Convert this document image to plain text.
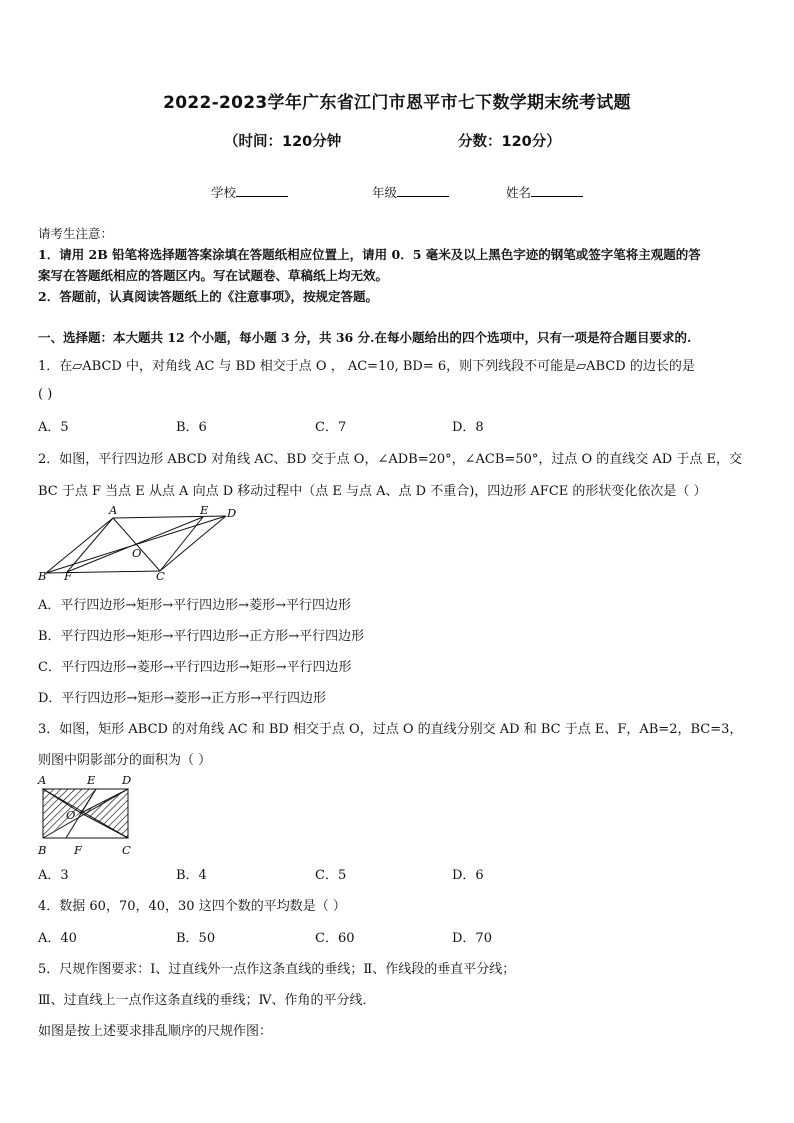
2022-2023学年广东省江门市恩平市七下数学期末统考试题
（时间：120分钟	分数：120分）
学校	年级	姓名
请考生注意：
1．请用 2B 铅笔将选择题答案涂填在答题纸相应位置上，请用 0．5 毫米及以上黑色字迹的钢笔或签字笔将主观题的答
案写在答题纸相应的答题区内。写在试题卷、草稿纸上均无效。
2．答题前，认真阅读答题纸上的《注意事项》，按规定答题。
一、选择题：本大题共 12 个小题，每小题 3 分，共 36 分.在每小题给出的四个选项中，只有一项是符合题目要求的.
1．在▱ABCD 中，对角线 AC 与 BD 相交于点 O ， AC=10, BD= 6，则下列线段不可能是▱ABCD 的边长的是
( )
A．5	B．6	C．7	D．8
2．如图，平行四边形 ABCD 对角线 AC、BD 交于点 O，∠ADB=20°，∠ACB=50°，过点 O 的直线交 AD 于点 E，交
BC 于点 F 当点 E 从点 A 向点 D 移动过程中（点 E 与点 A、点 D 不重合)，四边形 AFCE 的形状变化依次是（ ）
A	E D
O
B F	C
A．平行四边形→矩形→平行四边形→菱形→平行四边形
B．平行四边形→矩形→平行四边形→正方形→平行四边形
C．平行四边形→菱形→平行四边形→矩形→平行四边形
D．平行四边形→矩形→菱形→正方形→平行四边形
3．如图，矩形 ABCD 的对角线 AC 和 BD 相交于点 O，过点 O 的直线分别交 AD 和 BC 于点 E、F，AB=2，BC=3，
则图中阴影部分的面积为（ ）
A	E D
O
B F	C
A．3	B．4	C．5	D．6
4．数据 60，70，40，30 这四个数的平均数是（ ）
A．40	B．50	C．60	D．70
5．尺规作图要求：Ⅰ、过直线外一点作这条直线的垂线；Ⅱ、作线段的垂直平分线；
Ⅲ、过直线上一点作这条直线的垂线；Ⅳ、作角的平分线．
如图是按上述要求排乱顺序的尺规作图：
